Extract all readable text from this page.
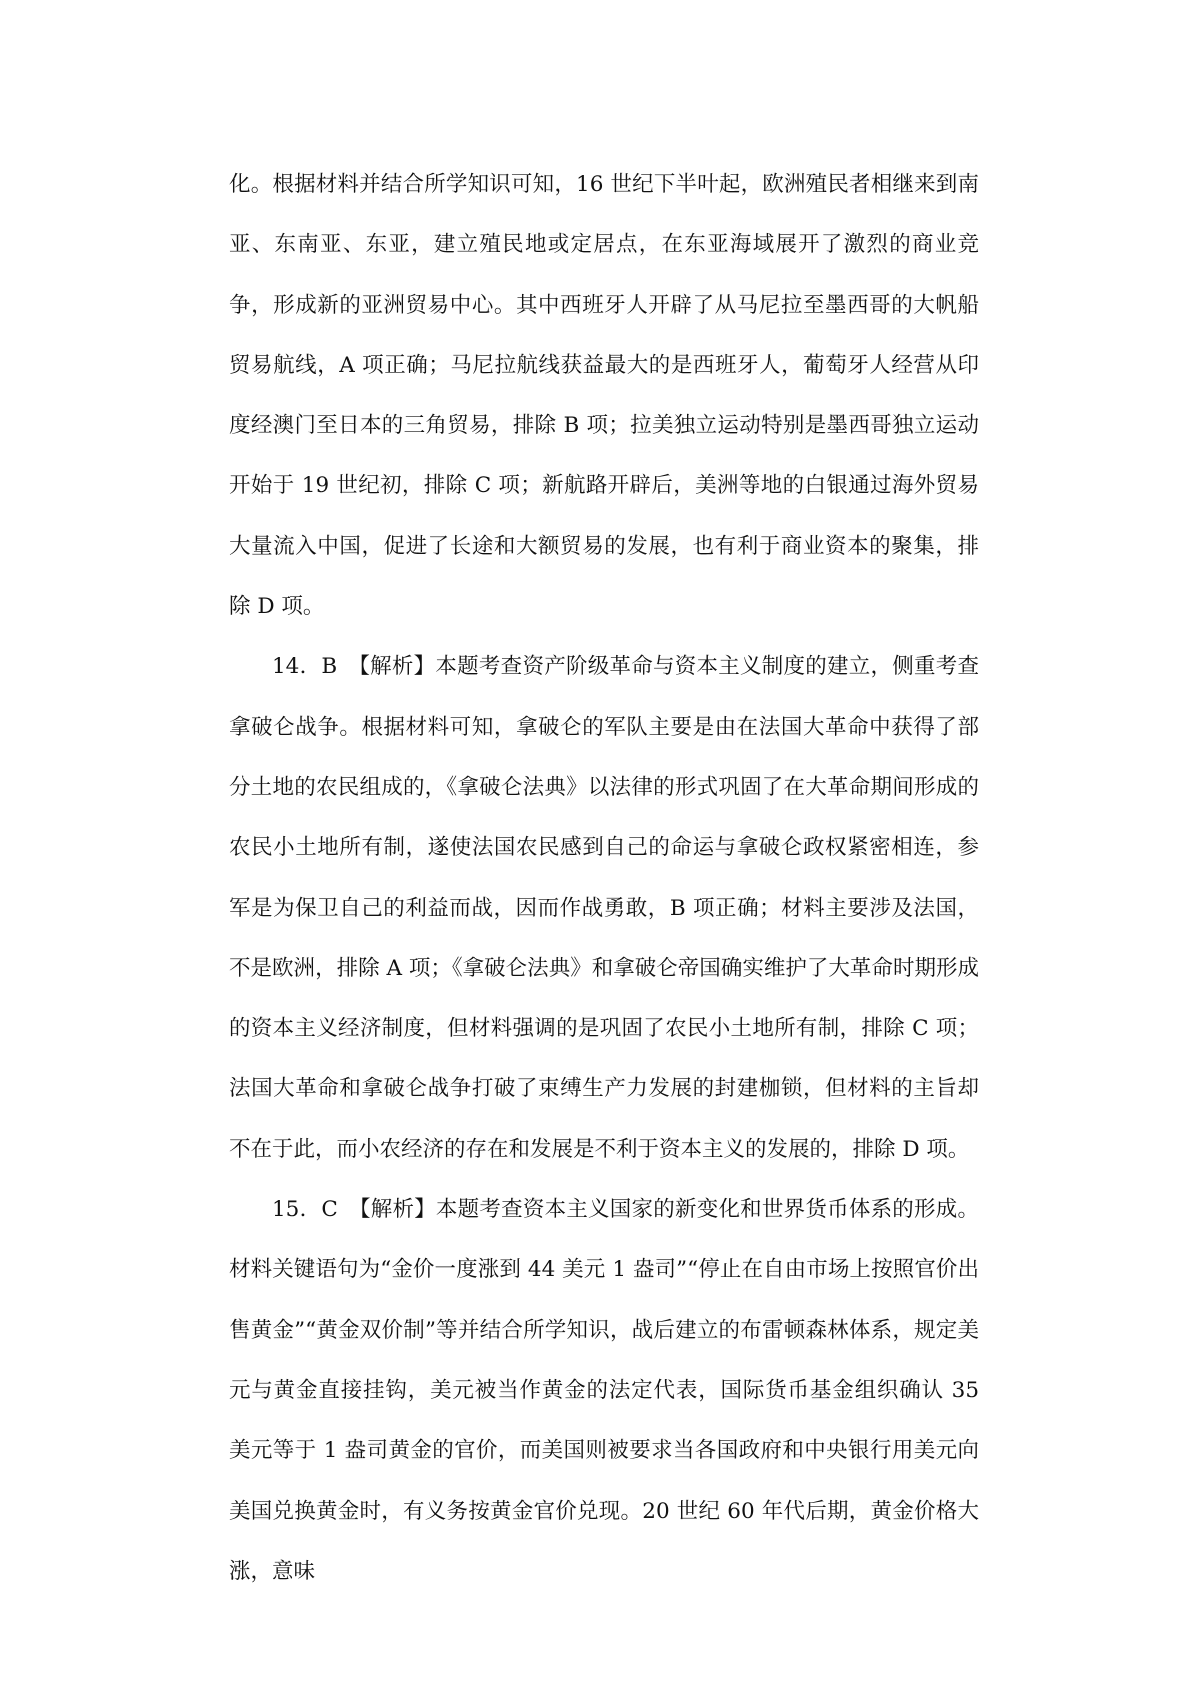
化。根据材料并结合所学知识可知，16 世纪下半叶起，欧洲殖民者相继来到南亚、东南亚、东亚，建立殖民地或定居点，在东亚海域展开了激烈的商业竞争，形成新的亚洲贸易中心。其中西班牙人开辟了从马尼拉至墨西哥的大帆船贸易航线，A 项正确；马尼拉航线获益最大的是西班牙人，葡萄牙人经营从印度经澳门至日本的三角贸易，排除 B 项；拉美独立运动特别是墨西哥独立运动开始于 19 世纪初，排除 C 项；新航路开辟后，美洲等地的白银通过海外贸易大量流入中国，促进了长途和大额贸易的发展，也有利于商业资本的聚集，排除 D 项。

14．B　【解析】本题考查资产阶级革命与资本主义制度的建立，侧重考查拿破仑战争。根据材料可知，拿破仑的军队主要是由在法国大革命中获得了部分土地的农民组成的，《拿破仑法典》以法律的形式巩固了在大革命期间形成的农民小土地所有制，遂使法国农民感到自己的命运与拿破仑政权紧密相连，参军是为保卫自己的利益而战，因而作战勇敢，B 项正确；材料主要涉及法国，不是欧洲，排除 A 项；《拿破仑法典》和拿破仑帝国确实维护了大革命时期形成的资本主义经济制度，但材料强调的是巩固了农民小土地所有制，排除 C 项；法国大革命和拿破仑战争打破了束缚生产力发展的封建枷锁，但材料的主旨却不在于此，而小农经济的存在和发展是不利于资本主义的发展的，排除 D 项。

15．C　【解析】本题考查资本主义国家的新变化和世界货币体系的形成。材料关键语句为“金价一度涨到 44 美元 1 盎司”“停止在自由市场上按照官价出售黄金”“黄金双价制”等并结合所学知识，战后建立的布雷顿森林体系，规定美元与黄金直接挂钩，美元被当作黄金的法定代表，国际货币基金组织确认 35 美元等于 1 盎司黄金的官价，而美国则被要求当各国政府和中央银行用美元向美国兑换黄金时，有义务按黄金官价兑现。20 世纪 60 年代后期，黄金价格大涨，意味
